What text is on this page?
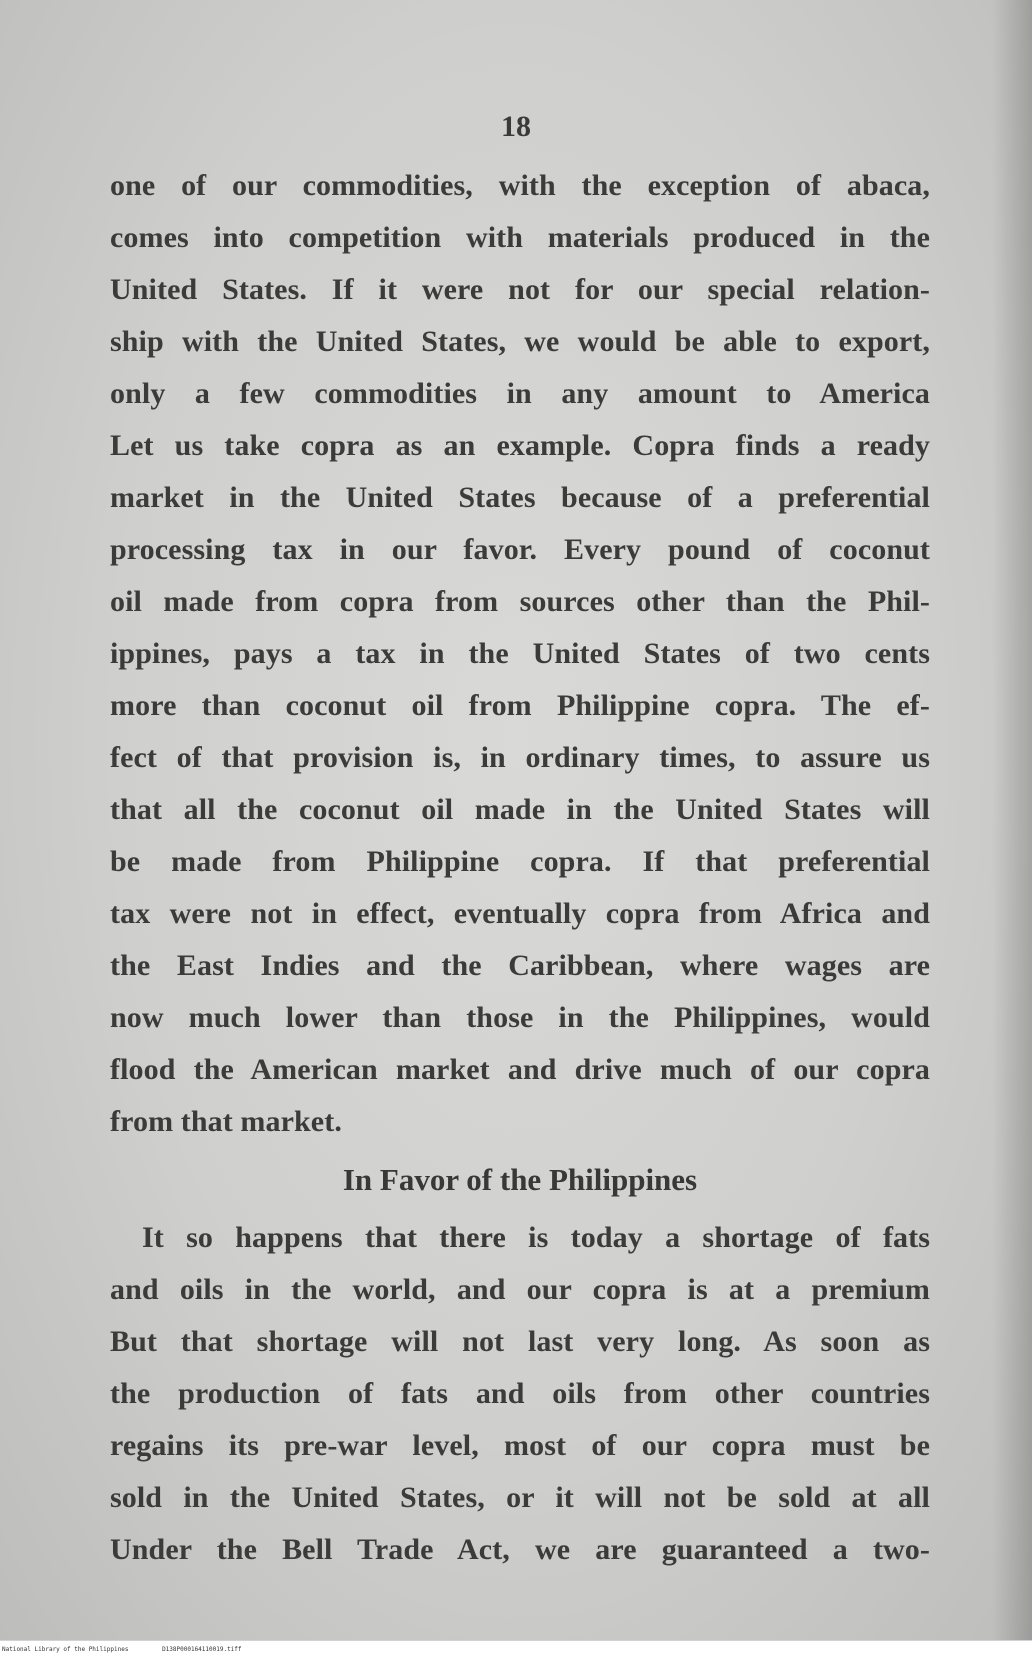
18
one of our commodities, with the exception of abaca,
comes into competition with materials produced in the
United States. If it were not for our special relation-
ship with the United States, we would be able to export,
only a few commodities in any amount to America
Let us take copra as an example. Copra finds a ready
market in the United States because of a preferential
processing tax in our favor. Every pound of coconut
oil made from copra from sources other than the Phil-
ippines, pays a tax in the United States of two cents
more than coconut oil from Philippine copra. The ef-
fect of that provision is, in ordinary times, to assure us
that all the coconut oil made in the United States will
be made from Philippine copra. If that preferential
tax were not in effect, eventually copra from Africa and
the East Indies and the Caribbean, where wages are
now much lower than those in the Philippines, would
flood the American market and drive much of our copra
from that market.
In Favor of the Philippines
It so happens that there is today a shortage of fats
and oils in the world, and our copra is at a premium
But that shortage will not last very long. As soon as
the production of fats and oils from other countries
regains its pre-war level, most of our copra must be
sold in the United States, or it will not be sold at all
Under the Bell Trade Act, we are guaranteed a two-
National Library of the Philippines	D138P000164110019.tiff
